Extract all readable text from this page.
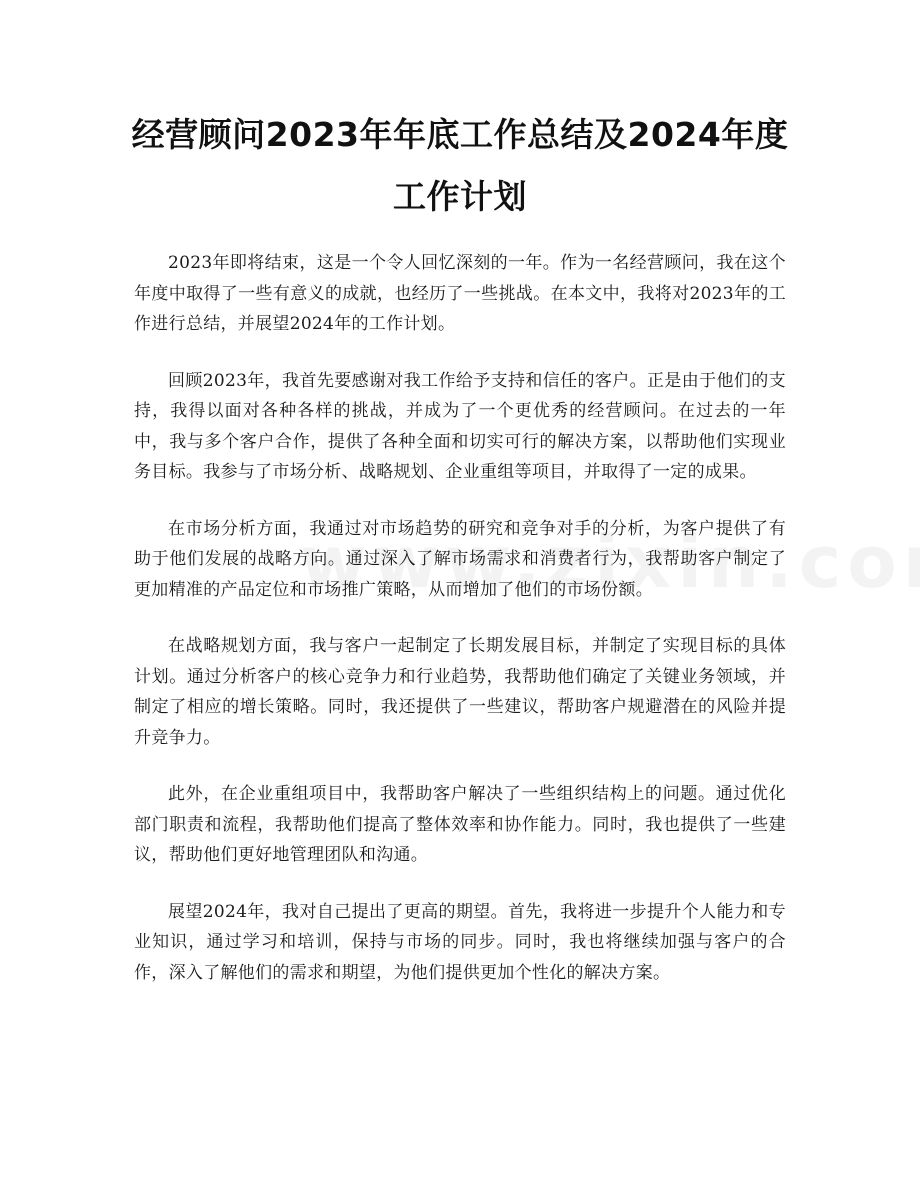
经营顾问2023年年底工作总结及2024年度
工作计划

2023年即将结束，这是一个令人回忆深刻的一年。作为一名经营顾问，我在这个年度中取得了一些有意义的成就，也经历了一些挑战。在本文中，我将对2023年的工作进行总结，并展望2024年的工作计划。

回顾2023年，我首先要感谢对我工作给予支持和信任的客户。正是由于他们的支持，我得以面对各种各样的挑战，并成为了一个更优秀的经营顾问。在过去的一年中，我与多个客户合作，提供了各种全面和切实可行的解决方案，以帮助他们实现业务目标。我参与了市场分析、战略规划、企业重组等项目，并取得了一定的成果。

在市场分析方面，我通过对市场趋势的研究和竞争对手的分析，为客户提供了有助于他们发展的战略方向。通过深入了解市场需求和消费者行为，我帮助客户制定了更加精准的产品定位和市场推广策略，从而增加了他们的市场份额。

在战略规划方面，我与客户一起制定了长期发展目标，并制定了实现目标的具体计划。通过分析客户的核心竞争力和行业趋势，我帮助他们确定了关键业务领域，并制定了相应的增长策略。同时，我还提供了一些建议，帮助客户规避潜在的风险并提升竞争力。

此外，在企业重组项目中，我帮助客户解决了一些组织结构上的问题。通过优化部门职责和流程，我帮助他们提高了整体效率和协作能力。同时，我也提供了一些建议，帮助他们更好地管理团队和沟通。

展望2024年，我对自己提出了更高的期望。首先，我将进一步提升个人能力和专业知识，通过学习和培训，保持与市场的同步。同时，我也将继续加强与客户的合作，深入了解他们的需求和期望，为他们提供更加个性化的解决方案。
